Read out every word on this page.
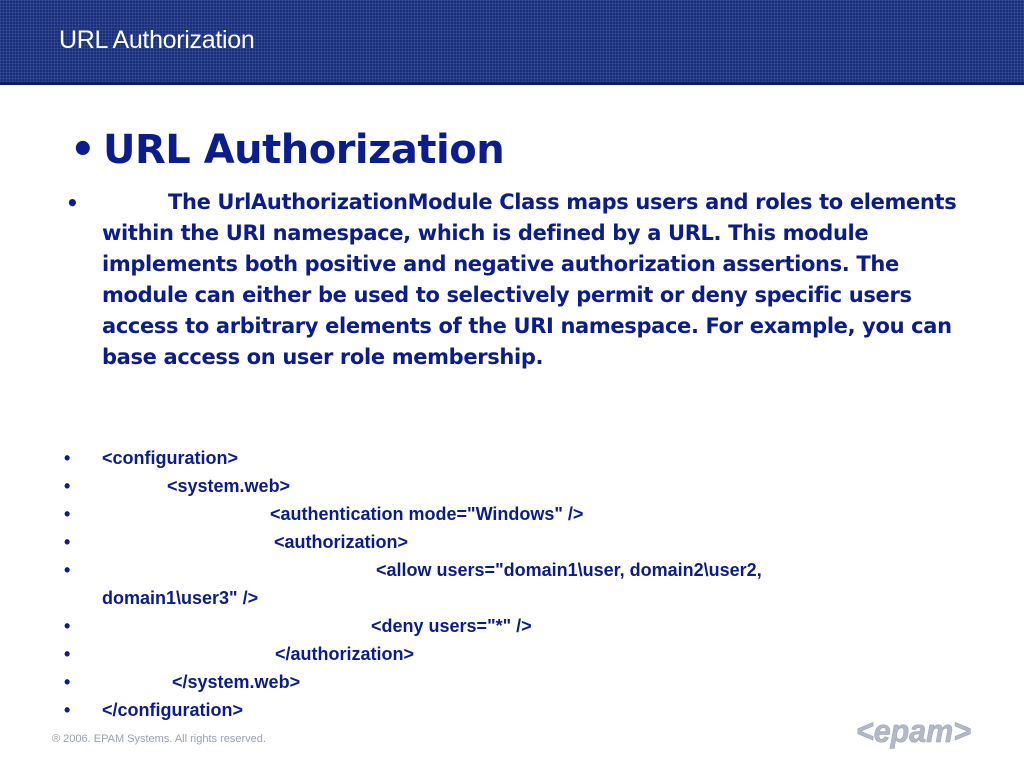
URL Authorization
• URL Authorization
•	The UrlAuthorizationModule Class maps users and roles to elements within the URI namespace, which is defined by a URL. This module implements both positive and negative authorization assertions. The module can either be used to selectively permit or deny specific users access to arbitrary elements of the URI namespace. For example, you can base access on user role membership.
• <configuration>
•	<system.web>
•	<authentication mode="Windows" />
•	<authorization>
•	<allow users="domain1\user, domain2\user2,
domain1\user3" />
•	<deny users="*" />
•	</authorization>
•	</system.web>
• </configuration>
® 2006. EPAM Systems. All rights reserved.	<epam>
